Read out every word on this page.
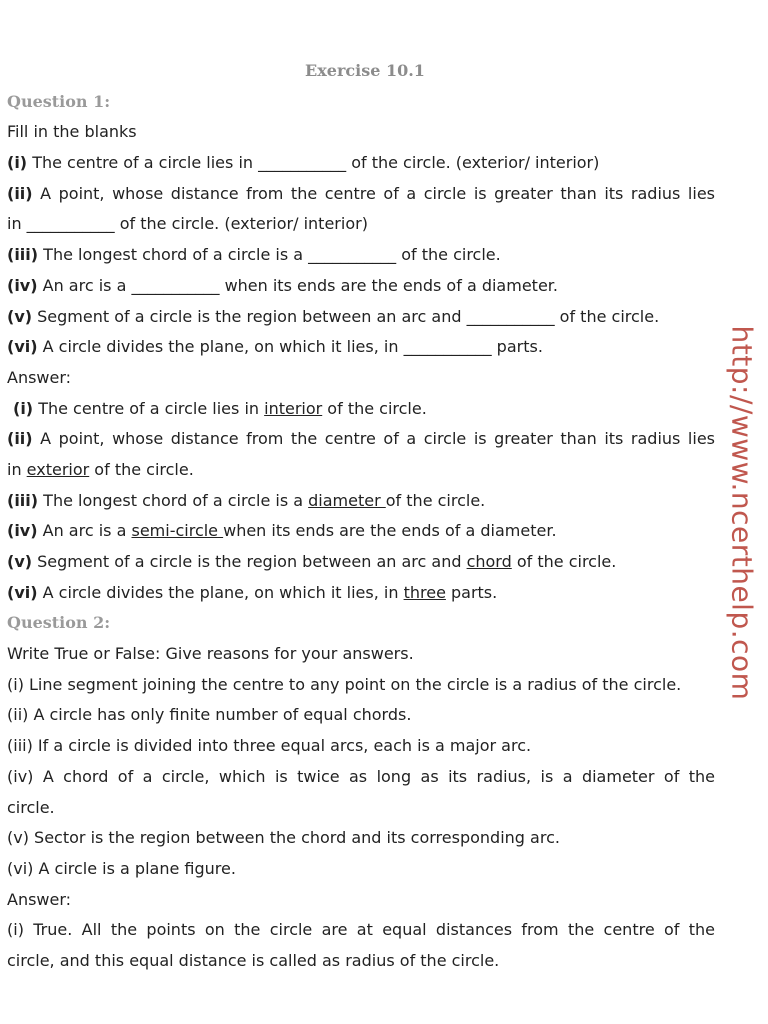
Exercise 10.1
Question 1:
Fill in the blanks
(i) The centre of a circle lies in ___________ of the circle. (exterior/ interior)
(ii) A point, whose distance from the centre of a circle is greater than its radius lies
in ___________ of the circle. (exterior/ interior)
(iii) The longest chord of a circle is a ___________ of the circle.
(iv) An arc is a ___________ when its ends are the ends of a diameter.
(v) Segment of a circle is the region between an arc and ___________ of the circle.
(vi) A circle divides the plane, on which it lies, in ___________ parts.
Answer:
(i) The centre of a circle lies in interior of the circle.
(ii) A point, whose distance from the centre of a circle is greater than its radius lies
in exterior of the circle.
(iii) The longest chord of a circle is a diameter of the circle.
(iv) An arc is a semi-circle when its ends are the ends of a diameter.
(v) Segment of a circle is the region between an arc and chord of the circle.
(vi) A circle divides the plane, on which it lies, in three parts.
Question 2:
Write True or False: Give reasons for your answers.
(i) Line segment joining the centre to any point on the circle is a radius of the circle.
(ii) A circle has only finite number of equal chords.
(iii) If a circle is divided into three equal arcs, each is a major arc.
(iv) A chord of a circle, which is twice as long as its radius, is a diameter of the
circle.
(v) Sector is the region between the chord and its corresponding arc.
(vi) A circle is a plane figure.
Answer:
(i) True. All the points on the circle are at equal distances from the centre of the
circle, and this equal distance is called as radius of the circle.
http://www.ncerthelp.com
